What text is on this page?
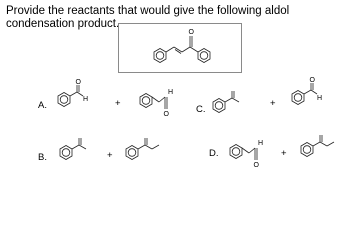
Provide the reactants that would give the following aldol condensation product.

O
A.
O
H	+
H
O
B.	+
C.
+
O
H
D.
H
O
+
